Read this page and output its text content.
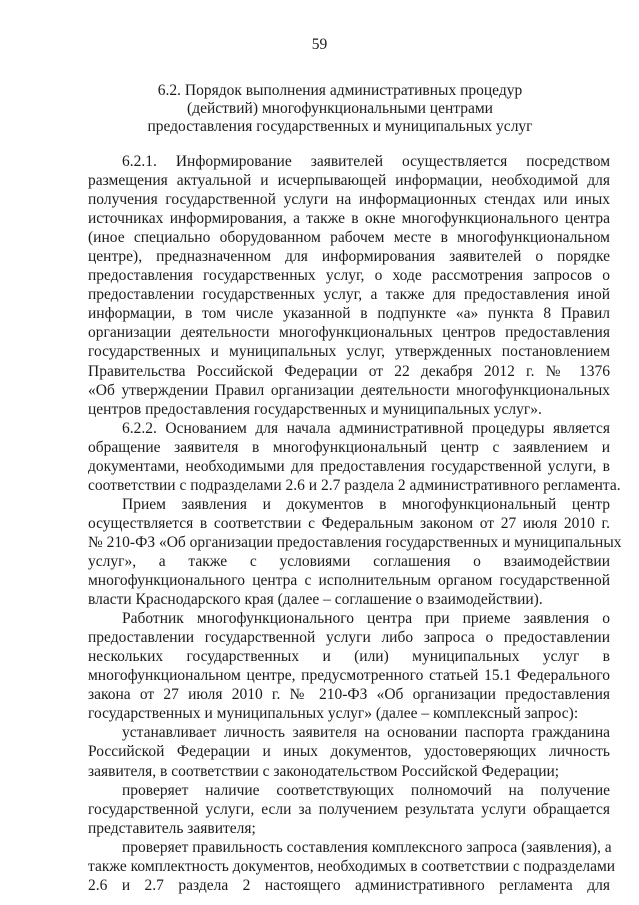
59
6.2. Порядок выполнения административных процедур
(действий) многофункциональными центрами
предоставления государственных и муниципальных услуг
6.2.1. Информирование заявителей осуществляется посредством
размещения актуальной и исчерпывающей информации, необходимой для
получения государственной услуги на информационных стендах или иных
источниках информирования, а также в окне многофункционального центра
(иное специально оборудованном рабочем месте в многофункциональном
центре), предназначенном для информирования заявителей о порядке
предоставления государственных услуг, о ходе рассмотрения запросов о
предоставлении государственных услуг, а также для предоставления иной
информации, в том числе указанной в подпункте «а» пункта 8 Правил
организации деятельности многофункциональных центров предоставления
государственных и муниципальных услуг, утвержденных постановлением
Правительства Российской Федерации от 22 декабря 2012 г. № 1376
«Об утверждении Правил организации деятельности многофункциональных
центров предоставления государственных и муниципальных услуг».
6.2.2. Основанием для начала административной процедуры является
обращение заявителя в многофункциональный центр с заявлением и
документами, необходимыми для предоставления государственной услуги, в
соответствии с подразделами 2.6 и 2.7 раздела 2 административного регламента.
Прием заявления и документов в многофункциональный центр
осуществляется в соответствии с Федеральным законом от 27 июля 2010 г.
№ 210-ФЗ «Об организации предоставления государственных и муниципальных
услуг», а также с условиями соглашения о взаимодействии
многофункционального центра с исполнительным органом государственной
власти Краснодарского края (далее – соглашение о взаимодействии).
Работник многофункционального центра при приеме заявления о
предоставлении государственной услуги либо запроса о предоставлении
нескольких государственных и (или) муниципальных услуг в
многофункциональном центре, предусмотренного статьей 15.1 Федерального
закона от 27 июля 2010 г. № 210-ФЗ «Об организации предоставления
государственных и муниципальных услуг» (далее – комплексный запрос):
устанавливает личность заявителя на основании паспорта гражданина
Российской Федерации и иных документов, удостоверяющих личность
заявителя, в соответствии с законодательством Российской Федерации;
проверяет наличие соответствующих полномочий на получение
государственной услуги, если за получением результата услуги обращается
представитель заявителя;
проверяет правильность составления комплексного запроса (заявления), а
также комплектность документов, необходимых в соответствии с подразделами
2.6 и 2.7 раздела 2 настоящего административного регламента для
